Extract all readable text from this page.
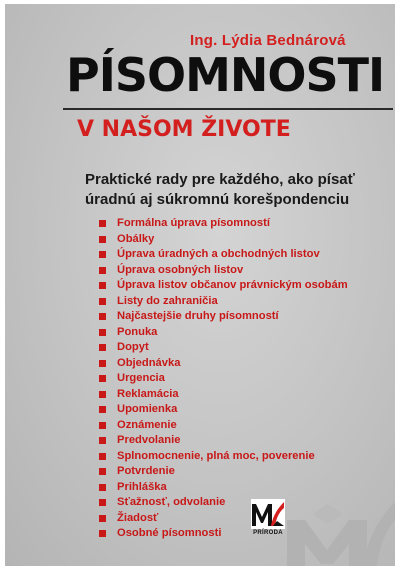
Ing. Lýdia Bednárová
PÍSOMNOSTI
V NAŠOM ŽIVOTE
Praktické rady pre každého, ako písať
úradnú aj súkromnú korešpondenciu
Formálna úprava písomností
Obálky
Úprava úradných a obchodných listov
Úprava osobných listov
Úprava listov občanov právnickým osobám
Listy do zahraničia
Najčastejšie druhy písomností
Ponuka
Dopyt
Objednávka
Urgencia
Reklamácia
Upomienka
Oznámenie
Predvolanie
Splnomocnenie, plná moc, poverenie
Potvrdenie
Prihláška
Sťažnosť, odvolanie
Žiadosť
Osobné písomnosti	PRÍRODA
